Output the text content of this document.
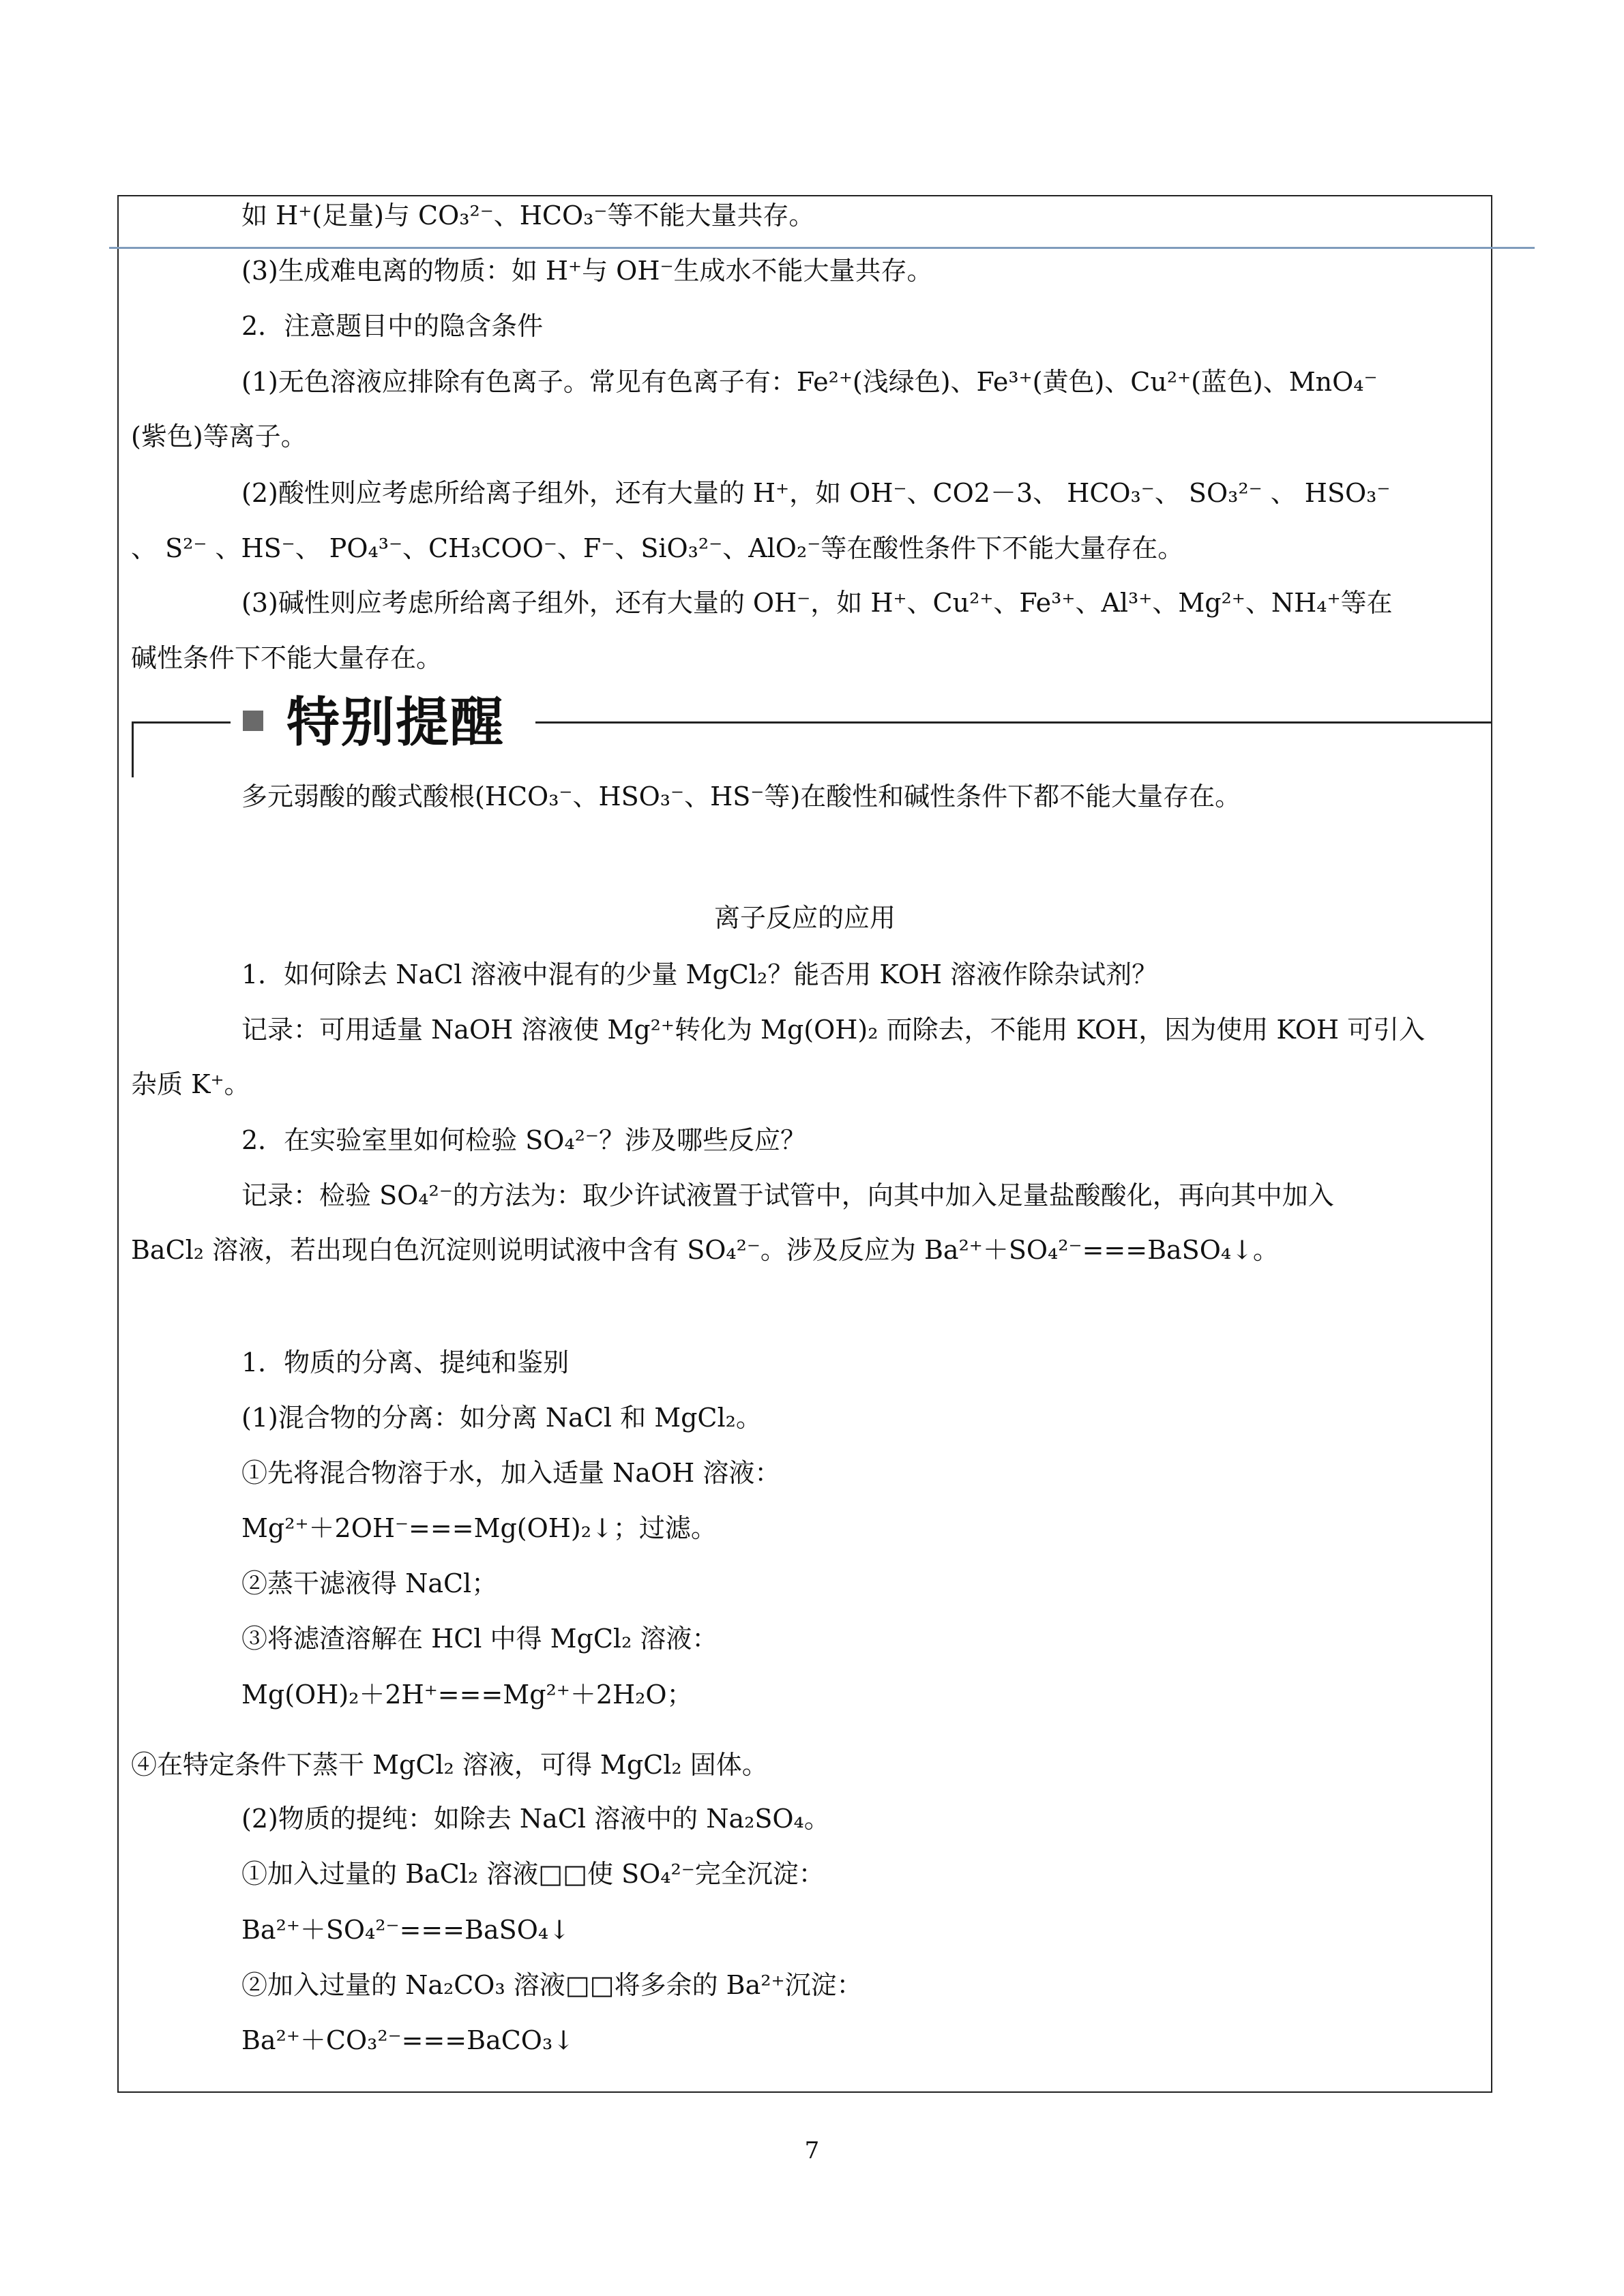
如 H⁺(足量)与 CO₃²⁻、HCO₃⁻等不能大量共存。
(3)生成难电离的物质：如 H⁺与 OH⁻生成水不能大量共存。
2．注意题目中的隐含条件
(1)无色溶液应排除有色离子。常见有色离子有：Fe²⁺(浅绿色)、Fe³⁺(黄色)、Cu²⁺(蓝色)、MnO₄⁻
(紫色)等离子。
(2)酸性则应考虑所给离子组外，还有大量的 H⁺，如 OH⁻、CO2－3、 HCO₃⁻、 SO₃²⁻ 、 HSO₃⁻
、 S²⁻ 、HS⁻、 PO₄³⁻、CH₃COO⁻、F⁻、SiO₃²⁻、AlO₂⁻等在酸性条件下不能大量存在。
(3)碱性则应考虑所给离子组外，还有大量的 OH⁻，如 H⁺、Cu²⁺、Fe³⁺、Al³⁺、Mg²⁺、NH₄⁺等在
碱性条件下不能大量存在。
特别提醒
多元弱酸的酸式酸根(HCO₃⁻、HSO₃⁻、HS⁻等)在酸性和碱性条件下都不能大量存在。
离子反应的应用
1．如何除去 NaCl 溶液中混有的少量 MgCl₂？能否用 KOH 溶液作除杂试剂？
记录：可用适量 NaOH 溶液使 Mg²⁺转化为 Mg(OH)₂ 而除去，不能用 KOH，因为使用 KOH 可引入
杂质 K⁺。
2．在实验室里如何检验 SO₄²⁻？涉及哪些反应？
记录：检验 SO₄²⁻的方法为：取少许试液置于试管中，向其中加入足量盐酸酸化，再向其中加入
BaCl₂ 溶液，若出现白色沉淀则说明试液中含有 SO₄²⁻。涉及反应为 Ba²⁺＋SO₄²⁻===BaSO₄↓。
1．物质的分离、提纯和鉴别
(1)混合物的分离：如分离 NaCl 和 MgCl₂。
①先将混合物溶于水，加入适量 NaOH 溶液：
Mg²⁺＋2OH⁻===Mg(OH)₂↓；过滤。
②蒸干滤液得 NaCl；
③将滤渣溶解在 HCl 中得 MgCl₂ 溶液：
Mg(OH)₂＋2H⁺===Mg²⁺＋2H₂O；
④在特定条件下蒸干 MgCl₂ 溶液，可得 MgCl₂ 固体。
(2)物质的提纯：如除去 NaCl 溶液中的 Na₂SO₄。
①加入过量的 BaCl₂ 溶液□□使 SO₄²⁻完全沉淀：
Ba²⁺＋SO₄²⁻===BaSO₄↓
②加入过量的 Na₂CO₃ 溶液□□将多余的 Ba²⁺沉淀：
Ba²⁺＋CO₃²⁻===BaCO₃↓
7
